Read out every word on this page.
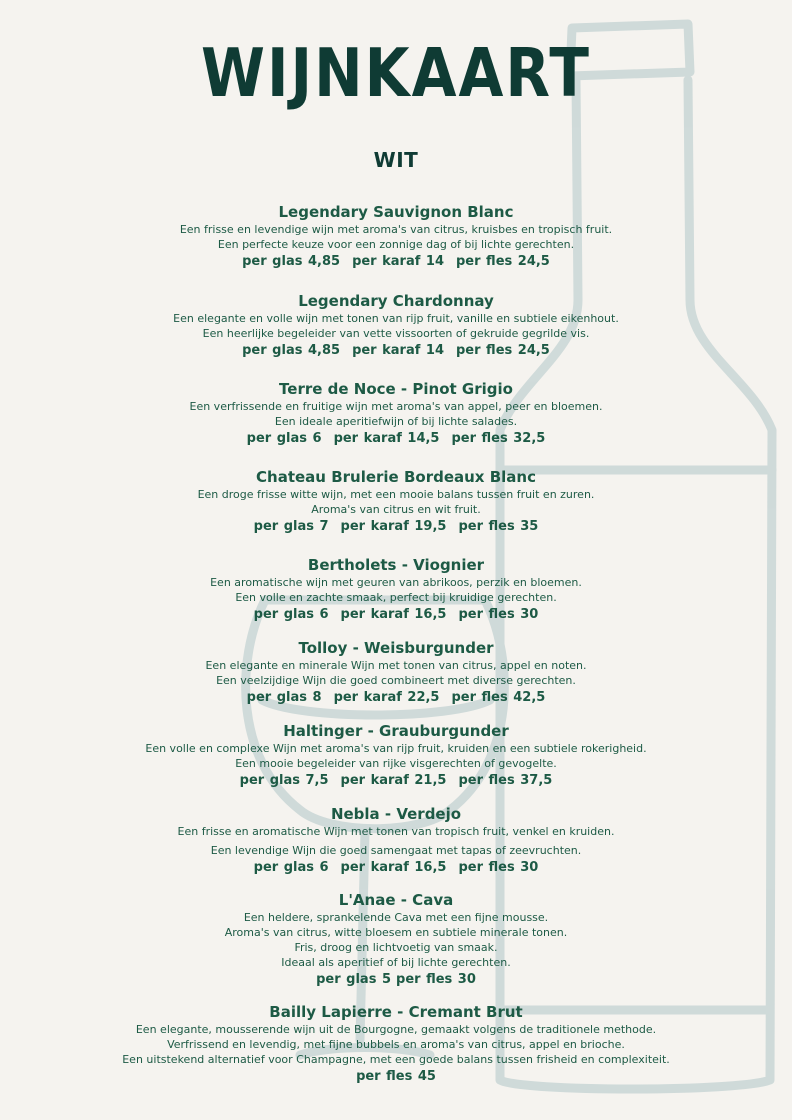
WIJNKAART
WIT
Legendary Sauvignon Blanc
Een frisse en levendige wijn met aroma's van citrus, kruisbes en tropisch fruit.
Een perfecte keuze voor een zonnige dag of bij lichte gerechten.
per glas 4,85 per karaf 14 per fles 24,5
Legendary Chardonnay
Een elegante en volle wijn met tonen van rijp fruit, vanille en subtiele eikenhout.
Een heerlijke begeleider van vette vissoorten of gekruide gegrilde vis.
per glas 4,85 per karaf 14 per fles 24,5
Terre de Noce - Pinot Grigio
Een verfrissende en fruitige wijn met aroma's van appel, peer en bloemen.
Een ideale aperitiefwijn of bij lichte salades.
per glas 6 per karaf 14,5 per fles 32,5
Chateau Brulerie Bordeaux Blanc
Een droge frisse witte wijn, met een mooie balans tussen fruit en zuren.
Aroma's van citrus en wit fruit.
per glas 7 per karaf 19,5 per fles 35
Bertholets - Viognier
Een aromatische wijn met geuren van abrikoos, perzik en bloemen.
Een volle en zachte smaak, perfect bij kruidige gerechten.
per glas 6 per karaf 16,5 per fles 30
Tolloy - Weisburgunder
Een elegante en minerale Wijn met tonen van citrus, appel en noten.
Een veelzijdige Wijn die goed combineert met diverse gerechten.
per glas 8 per karaf 22,5 per fles 42,5
Haltinger - Grauburgunder
Een volle en complexe Wijn met aroma's van rijp fruit, kruiden en een subtiele rokerigheid.
Een mooie begeleider van rijke visgerechten of gevogelte.
per glas 7,5 per karaf 21,5 per fles 37,5
Nebla - Verdejo
Een frisse en aromatische Wijn met tonen van tropisch fruit, venkel en kruiden.
Een levendige Wijn die goed samengaat met tapas of zeevruchten.
per glas 6 per karaf 16,5 per fles 30
L'Anae - Cava
Een heldere, sprankelende Cava met een fijne mousse.
Aroma's van citrus, witte bloesem en subtiele minerale tonen.
Fris, droog en lichtvoetig van smaak.
Ideaal als aperitief of bij lichte gerechten.
per glas 5 per fles 30
Bailly Lapierre - Cremant Brut
Een elegante, mousserende wijn uit de Bourgogne, gemaakt volgens de traditionele methode.
Verfrissend en levendig, met fijne bubbels en aroma's van citrus, appel en brioche.
Een uitstekend alternatief voor Champagne, met een goede balans tussen frisheid en complexiteit.
per fles 45
